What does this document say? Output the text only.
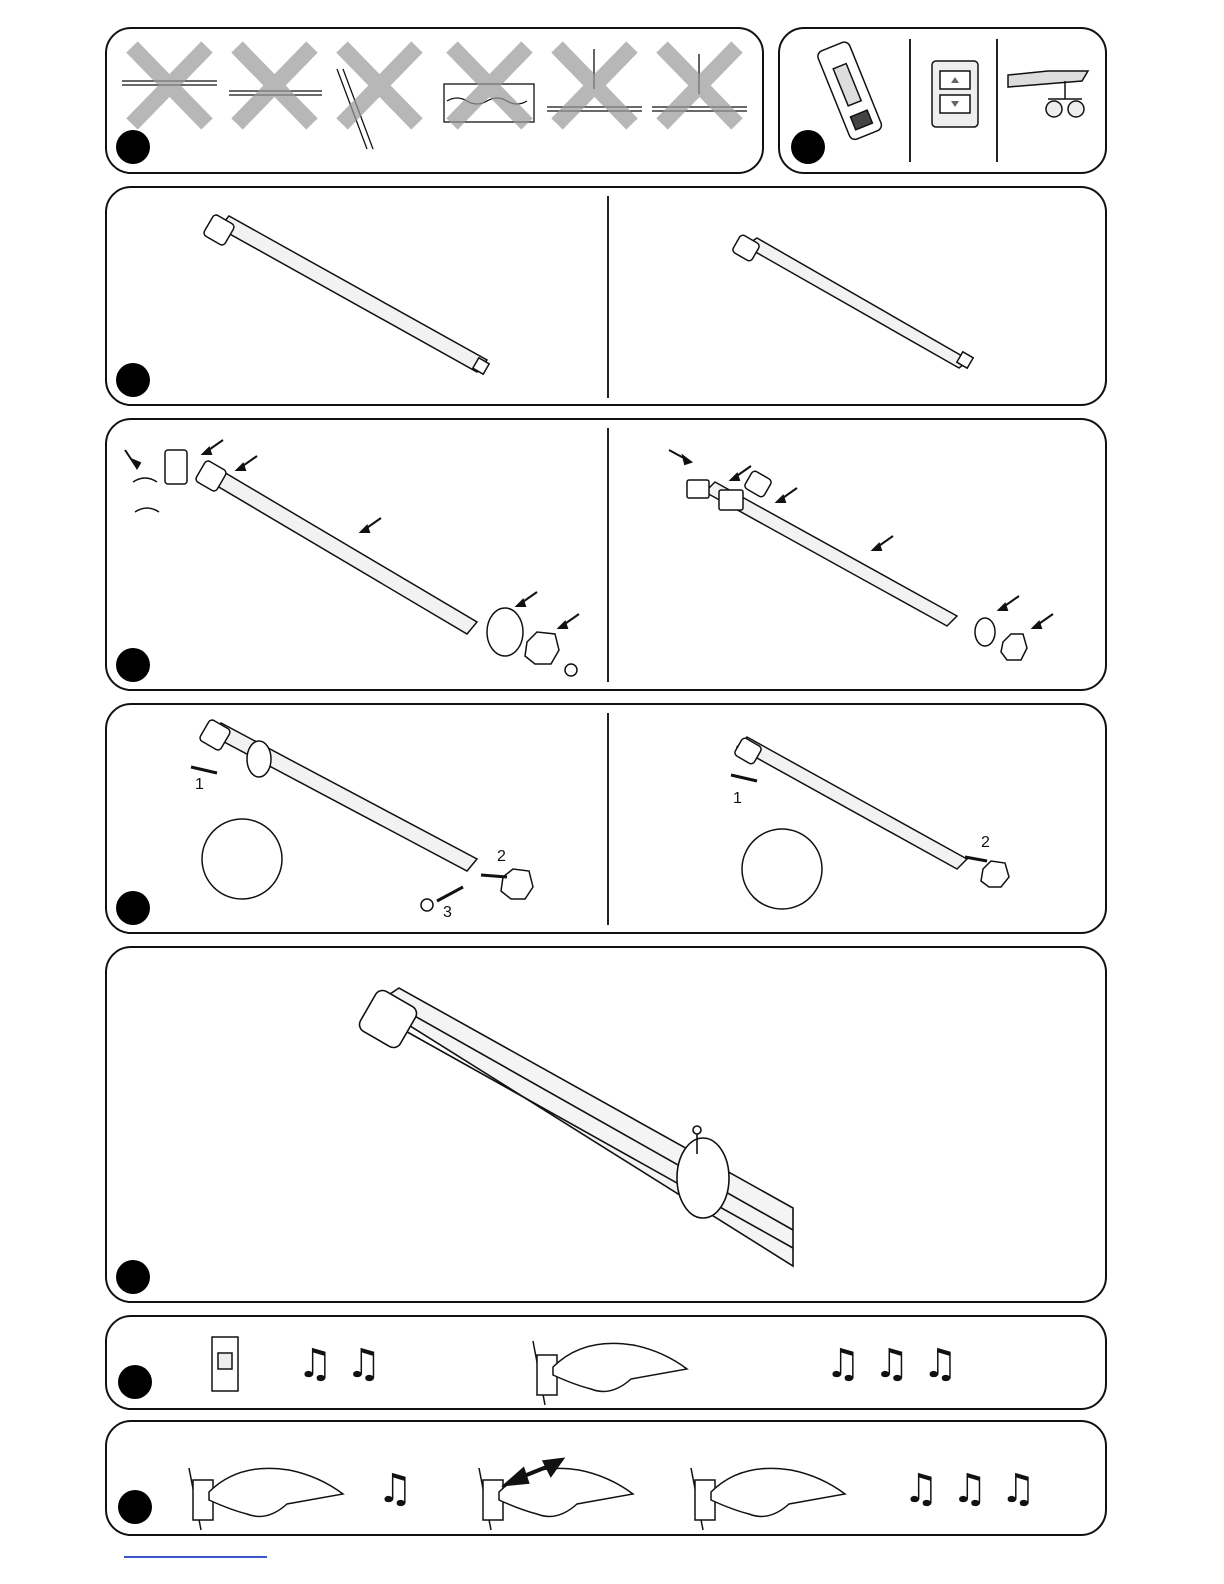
1
2
3
1
2
♫ ♫	♫ ♫ ♫
♫	♫ ♫ ♫
